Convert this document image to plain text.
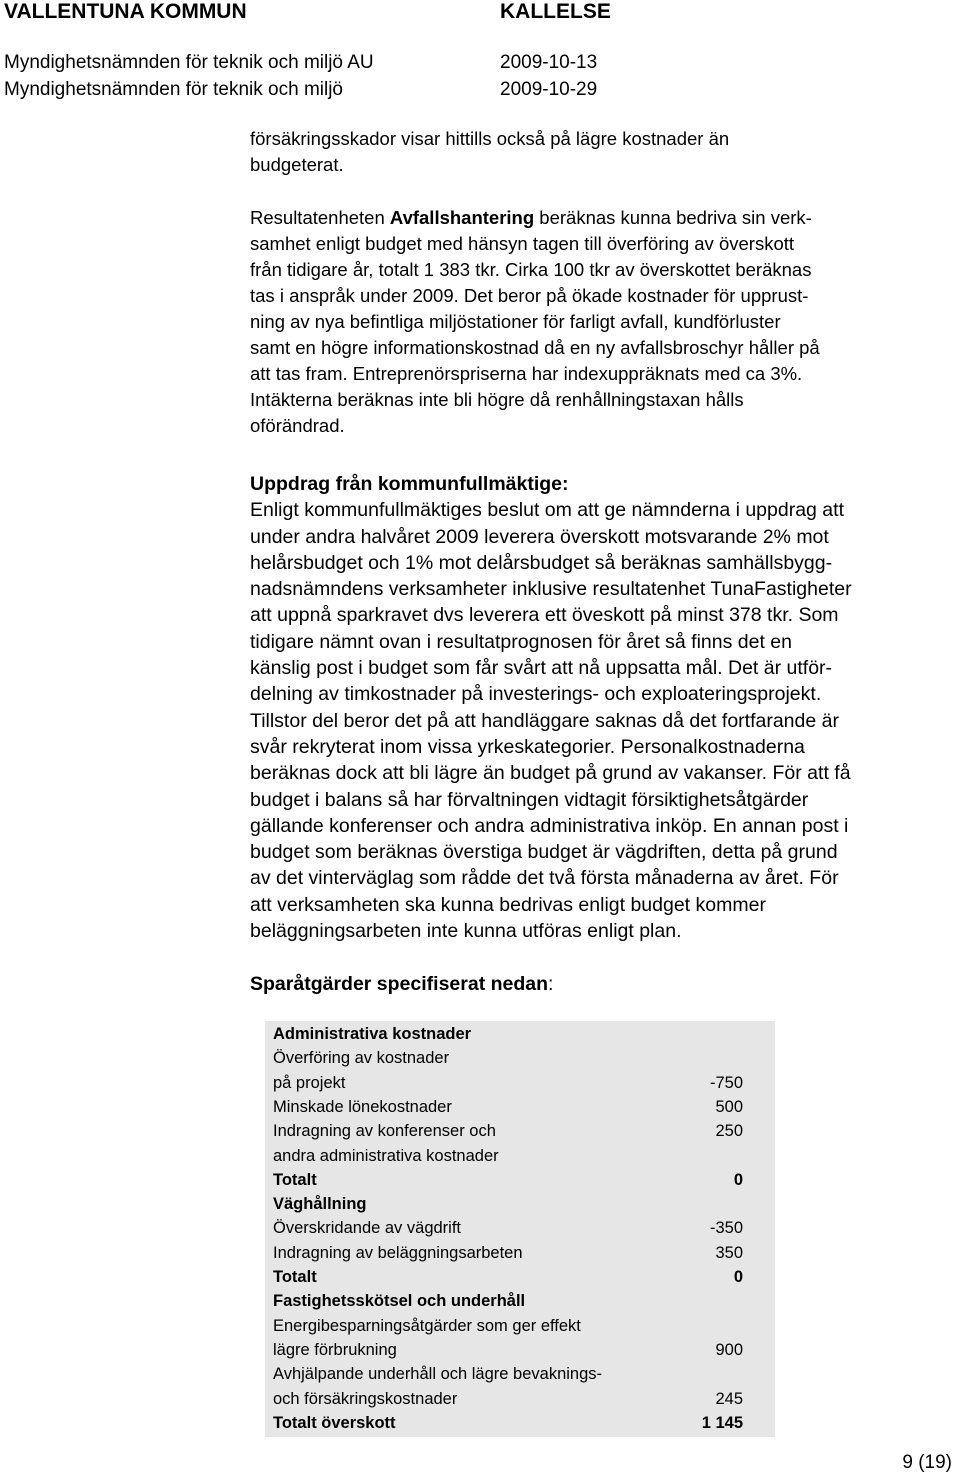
VALLENTUNA KOMMUN	KALLELSE
Myndighetsnämnden för teknik och miljö AU	2009-10-13
Myndighetsnämnden för teknik och miljö	2009-10-29
försäkringsskador visar hittills också på lägre kostnader än
budgeterat.
Resultatenheten Avfallshantering beräknas kunna bedriva sin verk-
samhet enligt budget med hänsyn tagen till överföring av överskott
från tidigare år, totalt 1 383 tkr. Cirka 100 tkr av överskottet beräknas
tas i anspråk under 2009. Det beror på ökade kostnader för upprust-
ning av nya befintliga miljöstationer för farligt avfall, kundförluster
samt en högre informationskostnad då en ny avfallsbroschyr håller på
att tas fram. Entreprenörspriserna har indexuppräknats med ca 3%.
Intäkterna beräknas inte bli högre då renhållningstaxan hålls
oförändrad.
Uppdrag från kommunfullmäktige:
Enligt kommunfullmäktiges beslut om att ge nämnderna i uppdrag att
under andra halvåret 2009 leverera överskott motsvarande 2% mot
helårsbudget och 1% mot delårsbudget så beräknas samhällsbygg-
nadsnämndens verksamheter inklusive resultatenhet TunaFastigheter
att uppnå sparkravet dvs leverera ett öveskott på minst 378 tkr. Som
tidigare nämnt ovan i resultatprognosen för året så finns det en
känslig post i budget som får svårt att nå uppsatta mål. Det är utför-
delning av timkostnader på investerings- och exploateringsprojekt.
Tillstor del beror det på att handläggare saknas då det fortfarande är
svår rekryterat inom vissa yrkeskategorier. Personalkostnaderna
beräknas dock att bli lägre än budget på grund av vakanser. För att få
budget i balans så har förvaltningen vidtagit försiktighetsåtgärder
gällande konferenser och andra administrativa inköp. En annan post i
budget som beräknas överstiga budget är vägdriften, detta på grund
av det vinterväglag som rådde det två första månaderna av året. För
att verksamheten ska kunna bedrivas enligt budget kommer
beläggningsarbeten inte kunna utföras enligt plan.
Sparåtgärder specifiserat nedan:
Administrativa kostnader
Överföring av kostnader
på projekt	-750
Minskade lönekostnader	500
Indragning av konferenser och	250
andra administrativa kostnader
Totalt	0
Väghållning
Överskridande av vägdrift	-350
Indragning av beläggningsarbeten	350
Totalt	0
Fastighetsskötsel och underhåll
Energibesparningsåtgärder som ger effekt
lägre förbrukning	900
Avhjälpande underhåll och lägre bevaknings-
och försäkringskostnader	245
Totalt överskott	1 145
9 (19)
